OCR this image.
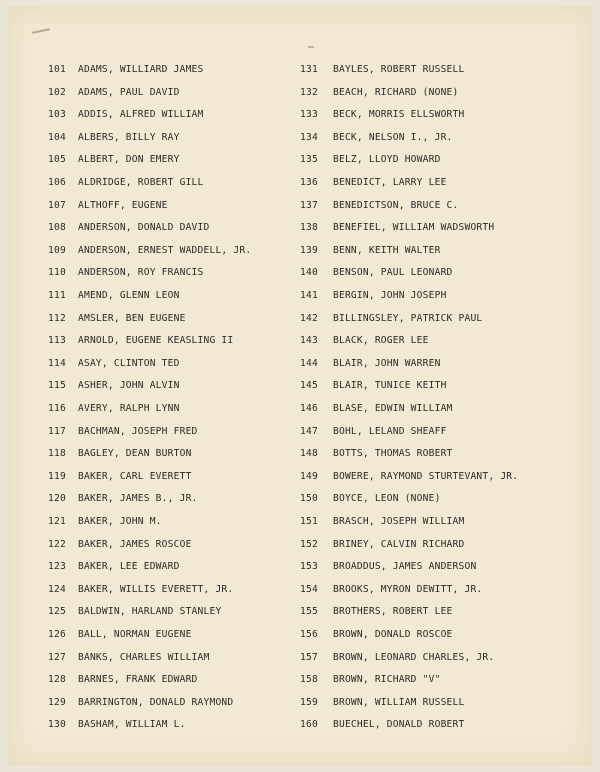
101 ADAMS, WILLIARD JAMES
102 ADAMS, PAUL DAVID
103 ADDIS, ALFRED WILLIAM
104 ALBERS, BILLY RAY
105 ALBERT, DON EMERY
106 ALDRIDGE, ROBERT GILL
107 ALTHOFF, EUGENE
108 ANDERSON, DONALD DAVID
109 ANDERSON, ERNEST WADDELL, JR.
110 ANDERSON, ROY FRANCIS
111 AMEND, GLENN LEON
112 AMSLER, BEN EUGENE
113 ARNOLD, EUGENE KEASLING II
114 ASAY, CLINTON TED
115 ASHER, JOHN ALVIN
116 AVERY, RALPH LYNN
117 BACHMAN, JOSEPH FRED
118 BAGLEY, DEAN BURTON
119 BAKER, CARL EVERETT
120 BAKER, JAMES B., JR.
121 BAKER, JOHN M.
122 BAKER, JAMES ROSCOE
123 BAKER, LEE EDWARD
124 BAKER, WILLIS EVERETT, JR.
125 BALDWIN, HARLAND STANLEY
126 BALL, NORMAN EUGENE
127 BANKS, CHARLES WILLIAM
128 BARNES, FRANK EDWARD
129 BARRINGTON, DONALD RAYMOND
130 BASHAM, WILLIAM L.
131 BAYLES, ROBERT RUSSELL
132 BEACH, RICHARD (NONE)
133 BECK, MORRIS ELLSWORTH
134 BECK, NELSON I., JR.
135 BELZ, LLOYD HOWARD
136 BENEDICT, LARRY LEE
137 BENEDICTSON, BRUCE C.
138 BENEFIEL, WILLIAM WADSWORTH
139 BENN, KEITH WALTER
140 BENSON, PAUL LEONARD
141 BERGIN, JOHN JOSEPH
142 BILLINGSLEY, PATRICK PAUL
143 BLACK, ROGER LEE
144 BLAIR, JOHN WARREN
145 BLAIR, TUNICE KEITH
146 BLASE, EDWIN WILLIAM
147 BOHL, LELAND SHEAFF
148 BOTTS, THOMAS ROBERT
149 BOWERE, RAYMOND STURTEVANT, JR.
150 BOYCE, LEON (NONE)
151 BRASCH, JOSEPH WILLIAM
152 BRINEY, CALVIN RICHARD
153 BROADDUS, JAMES ANDERSON
154 BROOKS, MYRON DEWITT, JR.
155 BROTHERS, ROBERT LEE
156 BROWN, DONALD ROSCOE
157 BROWN, LEONARD CHARLES, JR.
158 BROWN, RICHARD "V"
159 BROWN, WILLIAM RUSSELL
160 BUECHEL, DONALD ROBERT
